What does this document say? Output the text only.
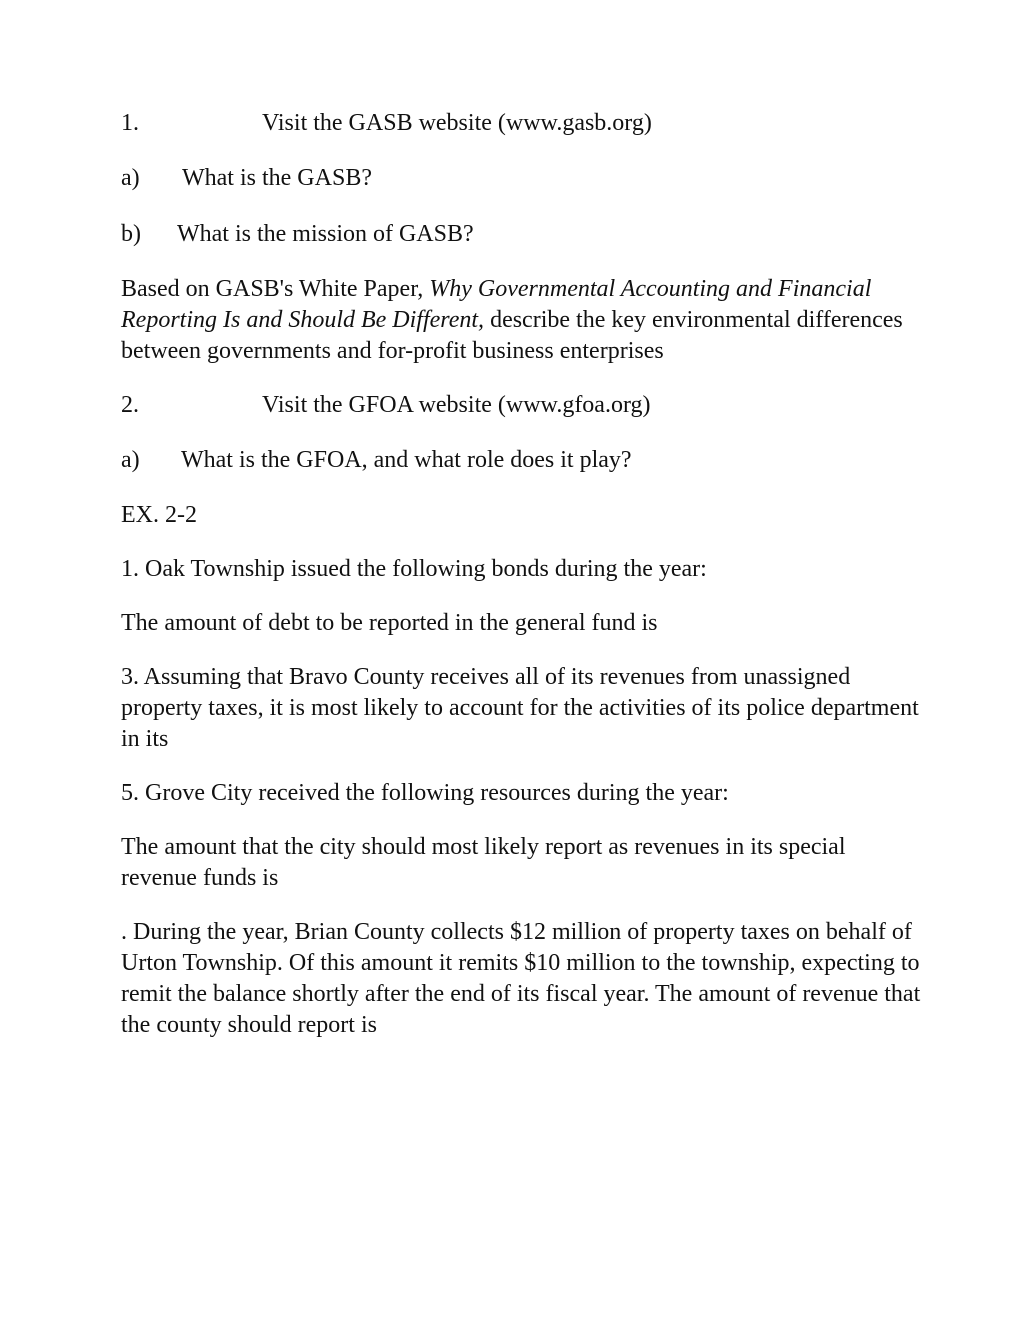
1.	Visit the GASB website (www.gasb.org)
a)	What is the GASB?
b)	What is the mission of GASB?

Based on GASB's White Paper, Why Governmental Accounting and Financial Reporting Is and Should Be Different, describe the key environmental differences between governments and for-profit business enterprises

2.	Visit the GFOA website (www.gfoa.org)
a)	What is the GFOA, and what role does it play?

EX. 2-2

1. Oak Township issued the following bonds during the year:

The amount of debt to be reported in the general fund is

3. Assuming that Bravo County receives all of its revenues from unassigned property taxes, it is most likely to account for the activities of its police department in its

5. Grove City received the following resources during the year:

The amount that the city should most likely report as revenues in its special revenue funds is

. During the year, Brian County collects $12 million of property taxes on behalf of Urton Township. Of this amount it remits $10 million to the township, expecting to remit the balance shortly after the end of its fiscal year. The amount of revenue that the county should report is
